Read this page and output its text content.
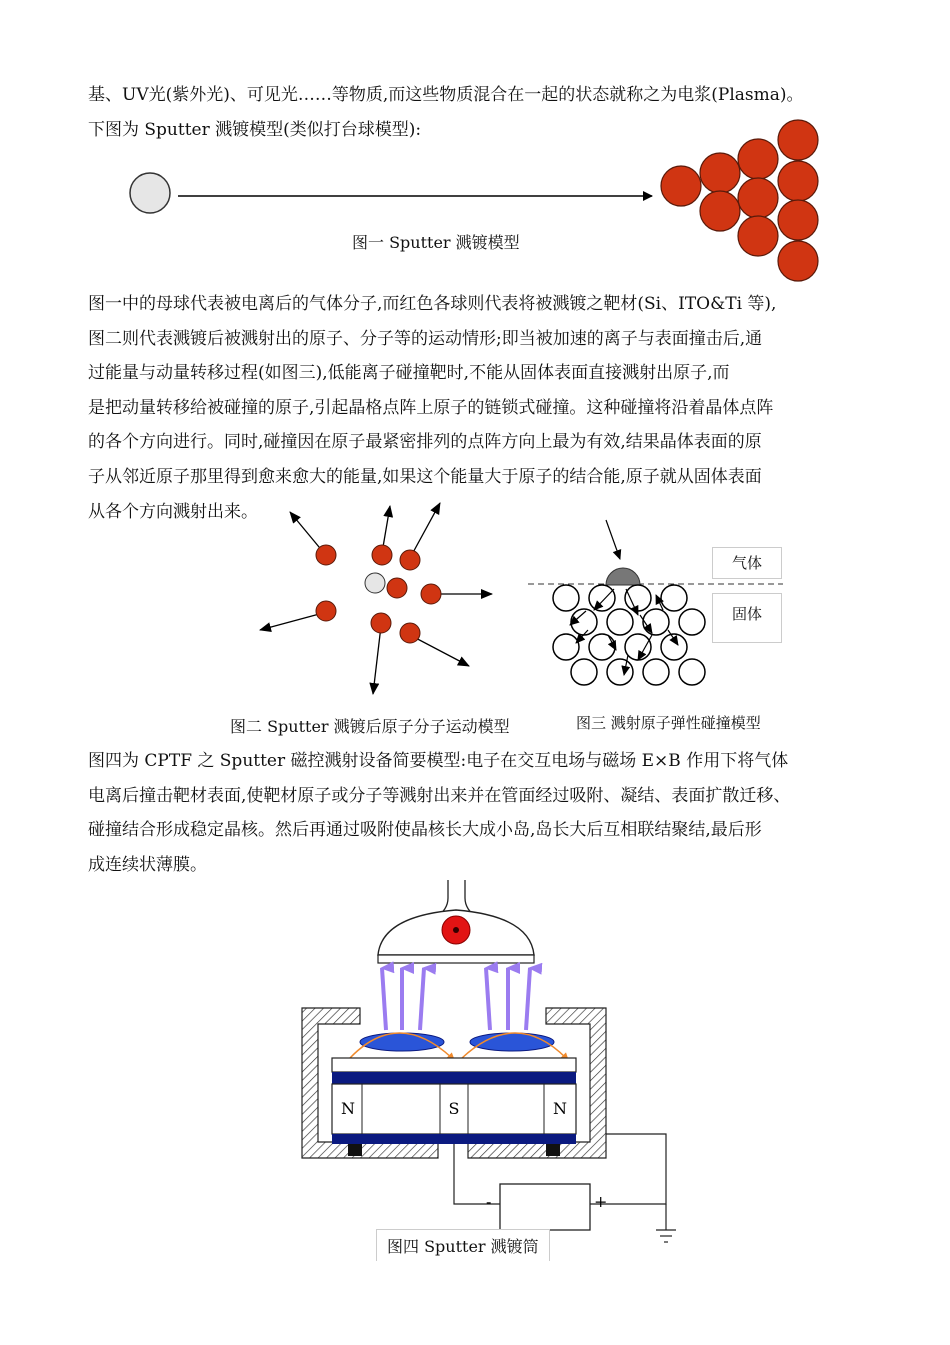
基、UV光(紫外光)、可见光……等物质,而这些物质混合在一起的状态就称之为电浆(Plasma)。
下图为 Sputter 溅镀模型(类似打台球模型):
图一 Sputter 溅镀模型
图一中的母球代表被电离后的气体分子,而红色各球则代表将被溅镀之靶材(Si、ITO&Ti 等),
图二则代表溅镀后被溅射出的原子、分子等的运动情形;即当被加速的离子与表面撞击后,通
过能量与动量转移过程(如图三),低能离子碰撞靶时,不能从固体表面直接溅射出原子,而
是把动量转移给被碰撞的原子,引起晶格点阵上原子的链锁式碰撞。这种碰撞将沿着晶体点阵
的各个方向进行。同时,碰撞因在原子最紧密排列的点阵方向上最为有效,结果晶体表面的原
子从邻近原子那里得到愈来愈大的能量,如果这个能量大于原子的结合能,原子就从固体表面
从各个方向溅射出来。
图二 Sputter 溅镀后原子分子运动模型
气体
固体
图三 溅射原子弹性碰撞模型
图四为 CPTF 之 Sputter 磁控溅射设备简要模型:电子在交互电场与磁场 E×B 作用下将气体
电离后撞击靶材表面,使靶材原子或分子等溅射出来并在管面经过吸附、凝结、表面扩散迁移、
碰撞结合形成稳定晶核。然后再通过吸附使晶核长大成小岛,岛长大后互相联结聚结,最后形
成连续状薄膜。
N	S	N
-	+
图四 Sputter 溅镀筒
